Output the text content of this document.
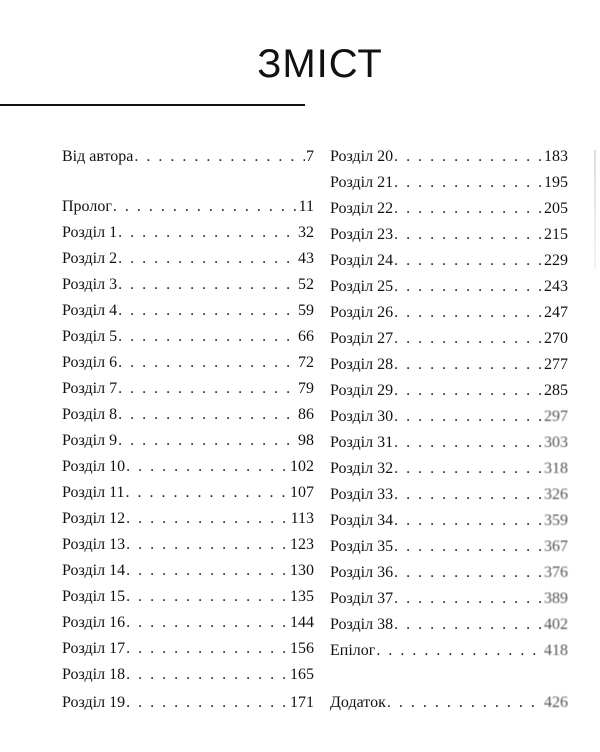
ЗМІСТ
Від автора . . .	7
Пролог . . .	11
Розділ 1 . . .	32
Розділ 2 . . .	43
Розділ 3 . . .	52
Розділ 4 . . .	59
Розділ 5 . . .	66
Розділ 6 . . .	72
Розділ 7 . . .	79
Розділ 8 . . .	86
Розділ 9 . . .	98
Розділ 10 . . .	102
Розділ 11 . . .	107
Розділ 12 . . .	113
Розділ 13 . . .	123
Розділ 14 . . .	130
Розділ 15 . . .	135
Розділ 16 . . .	144
Розділ 17 . . .	156
Розділ 18 . . .	165
Розділ 19 . . .	171
Розділ 20 . . .	183
Розділ 21 . . .	195
Розділ 22 . . .	205
Розділ 23 . . .	215
Розділ 24 . . .	229
Розділ 25 . . .	243
Розділ 26 . . .	247
Розділ 27 . . .	270
Розділ 28 . . .	277
Розділ 29 . . .	285
Розділ 30 . . .	297
Розділ 31 . . .	303
Розділ 32 . . .	318
Розділ 33 . . .	326
Розділ 34 . . .	359
Розділ 35 . . .	367
Розділ 36 . . .	376
Розділ 37 . . .	389
Розділ 38 . . .	402
Епілог . . .	418
Додаток . . .	426
